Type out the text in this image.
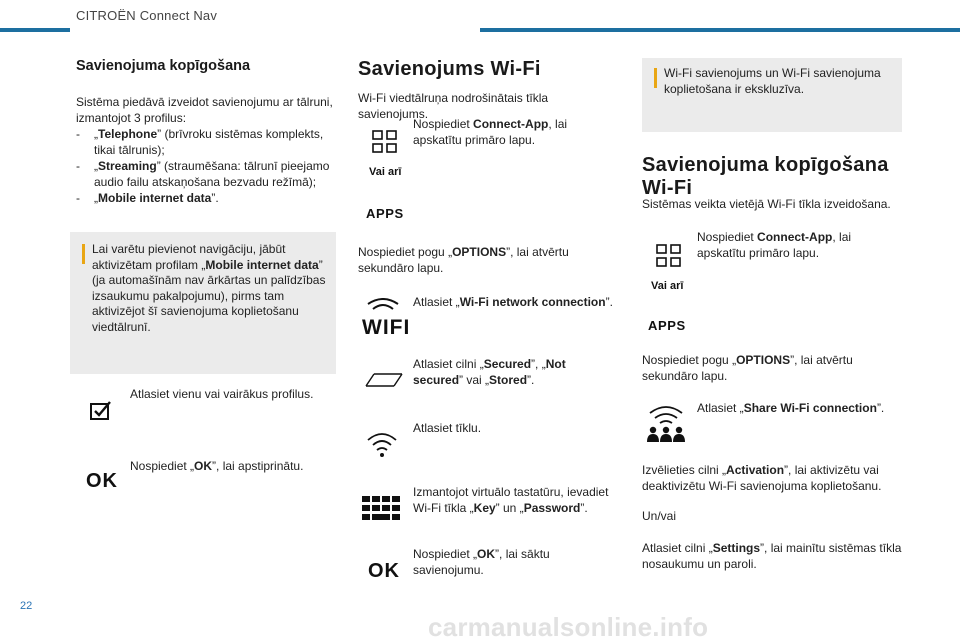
CITROËN Connect Nav
Savienojuma kopīgošana
Sistēma piedāvā izveidot savienojumu ar tālruni, izmantojot 3 profilus:
- „Telephone” (brīvroku sistēmas komplekts, tikai tālrunis);
- „Streaming” (straumēšana: tālrunī pieejamo audio failu atskaņošana bezvadu režīmā);
- „Mobile internet data”.
Lai varētu pievienot navigāciju, jābūt aktivizētam profilam „Mobile internet data” (ja automašīnām nav ārkārtas un palīdzības izsaukumu pakalpojumu), pirms tam aktivizējot šī savienojuma koplietošanu viedtālrunī.
Atlasiet vienu vai vairākus profilus.
OK
Nospiediet „OK”, lai apstiprinātu.
Savienojums Wi-Fi
Wi-Fi viedtālruņa nodrošinātais tīkla savienojums.
Vai arī
APPS
Nospiediet Connect-App, lai apskatītu primāro lapu.
Nospiediet pogu „OPTIONS”, lai atvērtu sekundāro lapu.
WIFI
Atlasiet „Wi-Fi network connection”.
Atlasiet cilni „Secured”, „Not secured” vai „Stored”.
Atlasiet tīklu.
Izmantojot virtuālo tastatūru, ievadiet Wi-Fi tīkla „Key” un „Password”.
OK
Nospiediet „OK”, lai sāktu savienojumu.
Wi-Fi savienojums un Wi-Fi savienojuma koplietošana ir ekskluzīva.
Savienojuma kopīgošana
Wi-Fi
Sistēmas veikta vietējā Wi-Fi tīkla izveidošana.
Vai arī
APPS
Nospiediet Connect-App, lai apskatītu primāro lapu.
Nospiediet pogu „OPTIONS”, lai atvērtu sekundāro lapu.
Atlasiet „Share Wi-Fi connection”.
Izvēlieties cilni „Activation”, lai aktivizētu vai deaktivizētu Wi-Fi savienojuma koplietošanu.
Un/vai
Atlasiet cilni „Settings”, lai mainītu sistēmas tīkla nosaukumu un paroli.
22
carmanualsonline.info
